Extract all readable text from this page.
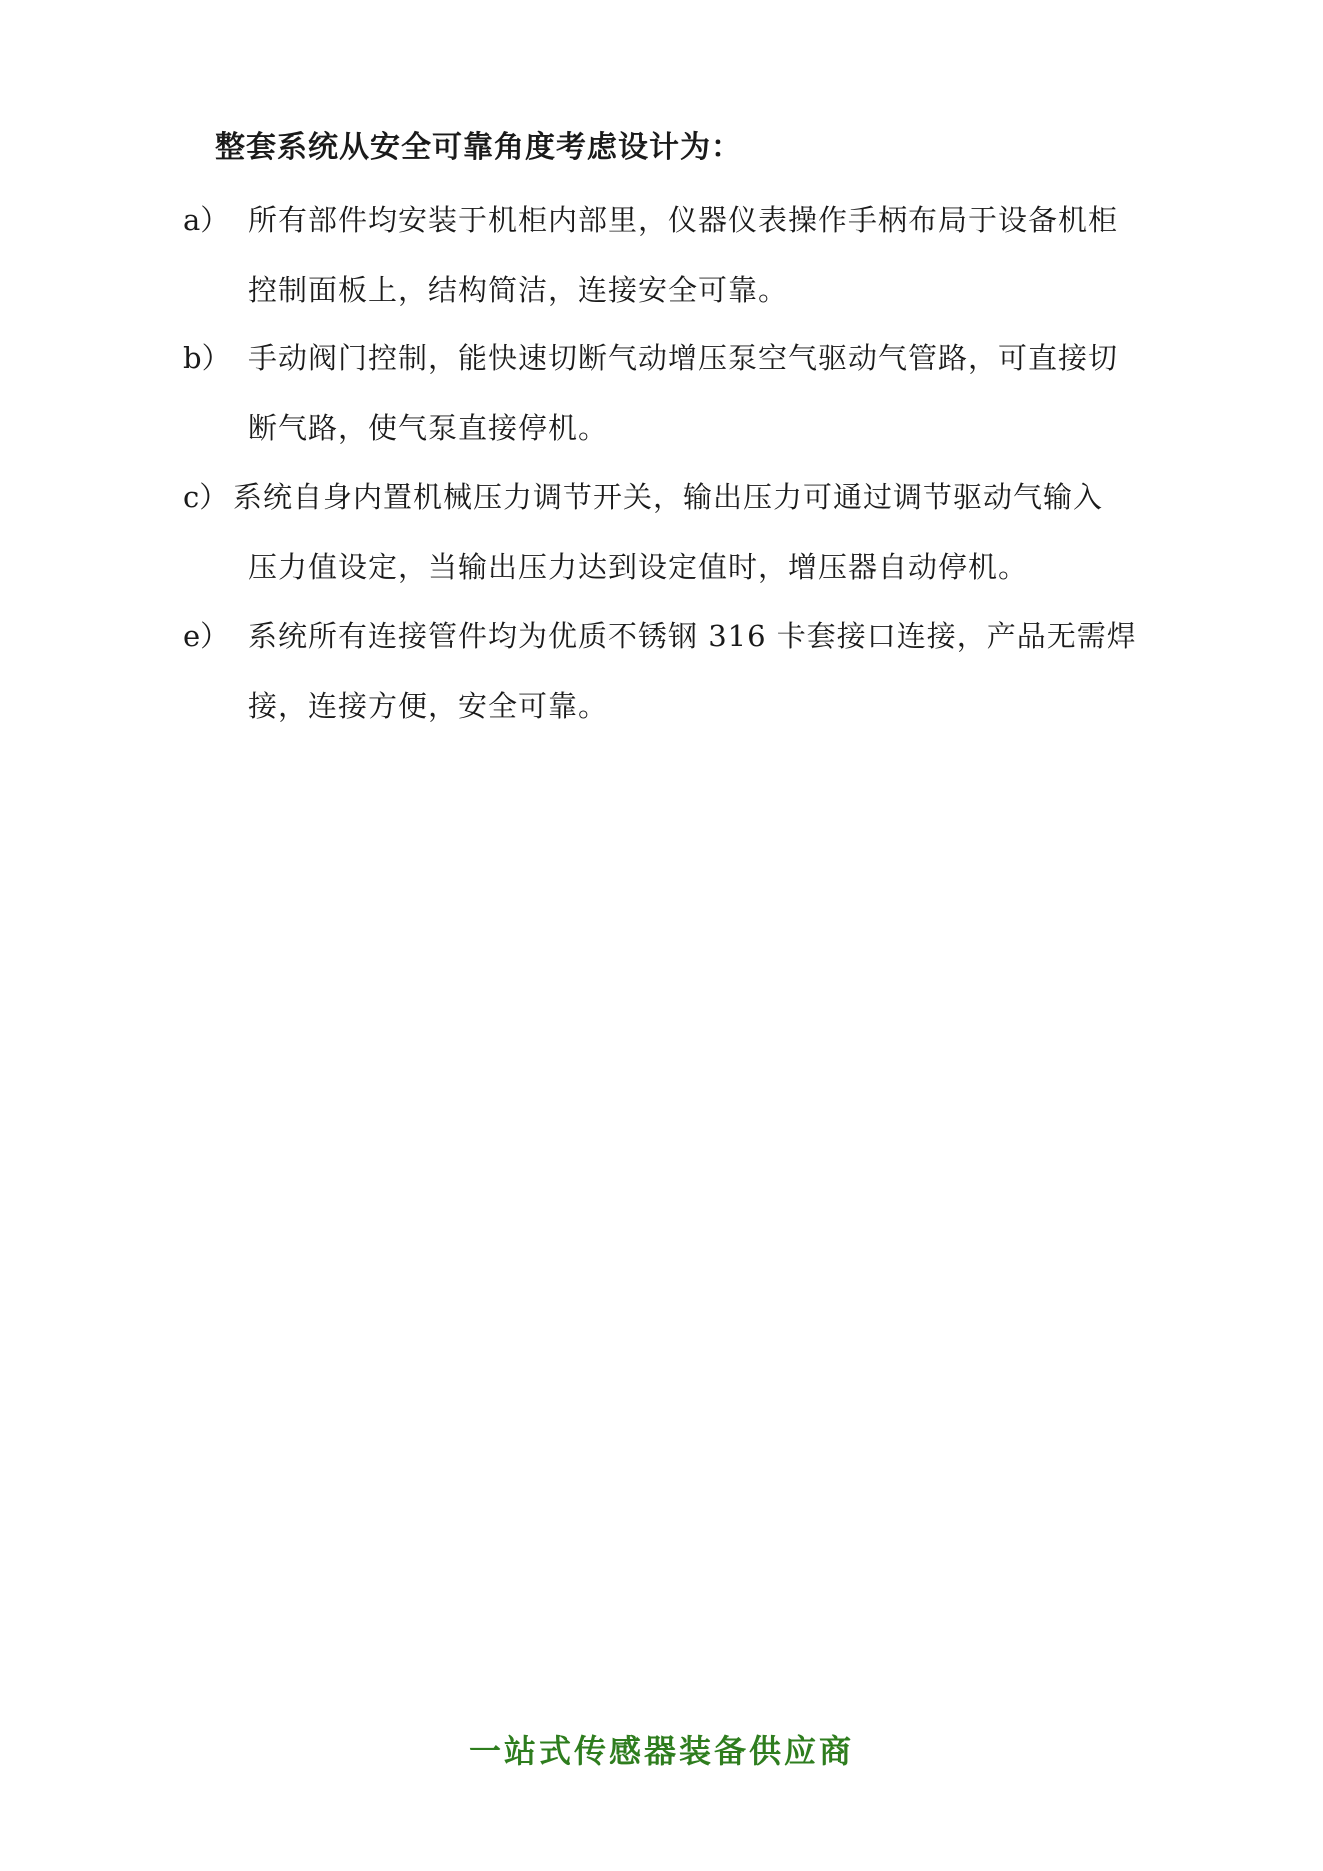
整套系统从安全可靠角度考虑设计为：
a） 所有部件均安装于机柜内部里，仪器仪表操作手柄布局于设备机柜
控制面板上，结构简洁，连接安全可靠。
b） 手动阀门控制，能快速切断气动增压泵空气驱动气管路，可直接切
断气路，使气泵直接停机。
c） 系统自身内置机械压力调节开关，输出压力可通过调节驱动气输入
压力值设定，当输出压力达到设定值时，增压器自动停机。
e） 系统所有连接管件均为优质不锈钢 316 卡套接口连接，产品无需焊
接，连接方便，安全可靠。
一站式传感器装备供应商
